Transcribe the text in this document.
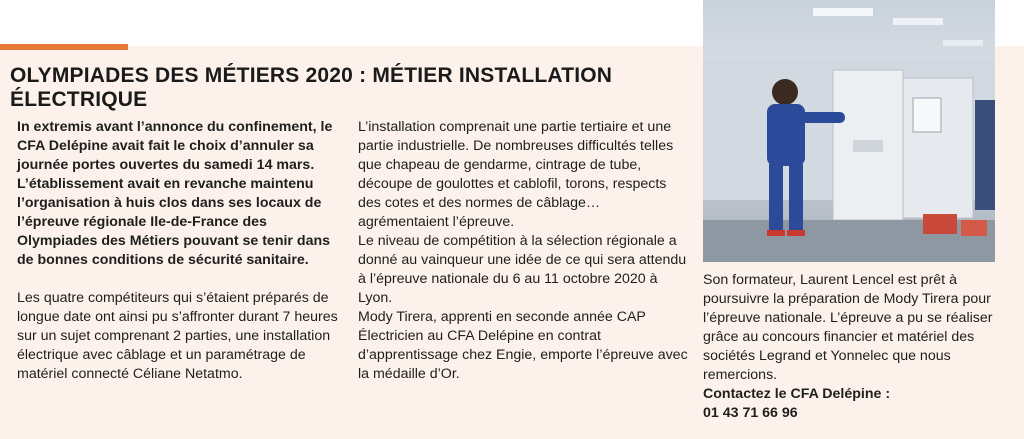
OLYMPIADES DES MÉTIERS 2020 : MÉTIER INSTALLATION ÉLECTRIQUE

In extremis avant l’annonce du confinement, le CFA Delépine avait fait le choix d’annuler sa journée portes ouvertes du samedi 14 mars. L’établissement avait en revanche maintenu l’organisation à huis clos dans ses locaux de l’épreuve régionale Ile-de-France des Olympiades des Métiers pouvant se tenir dans de bonnes conditions de sécurité sanitaire.

Les quatre compétiteurs qui s’étaient préparés de longue date ont ainsi pu s’affronter durant 7 heures sur un sujet comprenant 2 parties, une installation électrique avec câblage et un paramétrage de matériel connecté Céliane Netatmo.

L’installation comprenait une partie tertiaire et une partie industrielle. De nombreuses difficultés telles que chapeau de gendarme, cintrage de tube, découpe de goulottes et cablofil, torons, respects des cotes et des normes de câblage… agrémentaient l’épreuve.

Le niveau de compétition à la sélection régionale a donné au vainqueur une idée de ce qui sera attendu à l’épreuve nationale du 6 au 11 octobre 2020 à Lyon.

Mody Tirera, apprenti en seconde année CAP Électricien au CFA Delépine en contrat d’apprentissage chez Engie, emporte l’épreuve avec la médaille d’Or.

Son formateur, Laurent Lencel est prêt à poursuivre la préparation de Mody Tirera pour l’épreuve nationale. L’épreuve a pu se réaliser grâce au concours financier et matériel des sociétés Legrand et Yonnelec que nous remercions.

Contactez le CFA Delépine :

01 43 71 66 96
